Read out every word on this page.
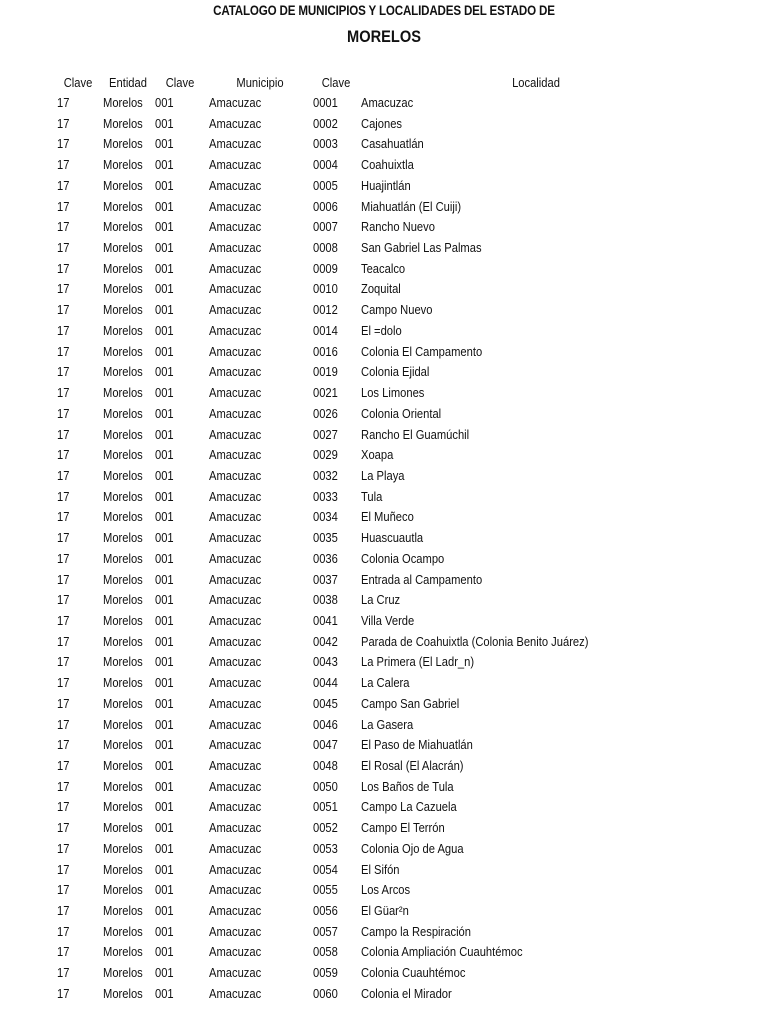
CATALOGO DE MUNICIPIOS Y LOCALIDADES DEL ESTADO DE
MORELOS
Clave	Entidad	Clave	Municipio	Clave	Localidad
17	Morelos 001	Amacuzac	0001 Amacuzac
17	Morelos 001	Amacuzac	0002 Cajones
17	Morelos 001	Amacuzac	0003 Casahuatlán
17	Morelos 001	Amacuzac	0004 Coahuixtla
17	Morelos 001	Amacuzac	0005 Huajintlán
17	Morelos 001	Amacuzac	0006 Miahuatlán (El Cuiji)
17	Morelos 001	Amacuzac	0007 Rancho Nuevo
17	Morelos 001	Amacuzac	0008 San Gabriel Las Palmas
17	Morelos 001	Amacuzac	0009 Teacalco
17	Morelos 001	Amacuzac	0010 Zoquital
17	Morelos 001	Amacuzac	0012 Campo Nuevo
17	Morelos 001	Amacuzac	0014 El =dolo
17	Morelos 001	Amacuzac	0016 Colonia El Campamento
17	Morelos 001	Amacuzac	0019 Colonia Ejidal
17	Morelos 001	Amacuzac	0021 Los Limones
17	Morelos 001	Amacuzac	0026 Colonia Oriental
17	Morelos 001	Amacuzac	0027 Rancho El Guamúchil
17	Morelos 001	Amacuzac	0029 Xoapa
17	Morelos 001	Amacuzac	0032 La Playa
17	Morelos 001	Amacuzac	0033 Tula
17	Morelos 001	Amacuzac	0034 El Muñeco
17	Morelos 001	Amacuzac	0035 Huascuautla
17	Morelos 001	Amacuzac	0036 Colonia Ocampo
17	Morelos 001	Amacuzac	0037 Entrada al Campamento
17	Morelos 001	Amacuzac	0038 La Cruz
17	Morelos 001	Amacuzac	0041 Villa Verde
17	Morelos 001	Amacuzac	0042 Parada de Coahuixtla (Colonia Benito Juárez)
17	Morelos 001	Amacuzac	0043 La Primera (El Ladr_n)
17	Morelos 001	Amacuzac	0044 La Calera
17	Morelos 001	Amacuzac	0045 Campo San Gabriel
17	Morelos 001	Amacuzac	0046 La Gasera
17	Morelos 001	Amacuzac	0047 El Paso de Miahuatlán
17	Morelos 001	Amacuzac	0048 El Rosal (El Alacrán)
17	Morelos 001	Amacuzac	0050 Los Baños de Tula
17	Morelos 001	Amacuzac	0051 Campo La Cazuela
17	Morelos 001	Amacuzac	0052 Campo El Terrón
17	Morelos 001	Amacuzac	0053 Colonia Ojo de Agua
17	Morelos 001	Amacuzac	0054 El Sifón
17	Morelos 001	Amacuzac	0055 Los Arcos
17	Morelos 001	Amacuzac	0056 El Güar²n
17	Morelos 001	Amacuzac	0057 Campo la Respiración
17	Morelos 001	Amacuzac	0058 Colonia Ampliación Cuauhtémoc
17	Morelos 001	Amacuzac	0059 Colonia Cuauhtémoc
17	Morelos 001	Amacuzac	0060 Colonia el Mirador
